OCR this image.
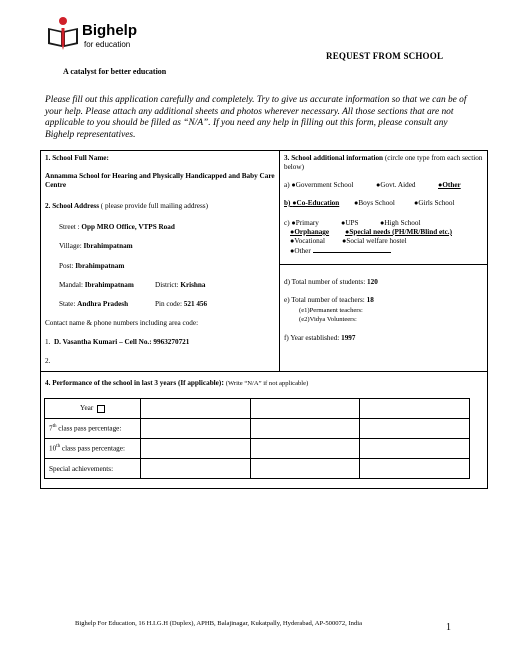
Bighelp
for education
A catalyst for better education
REQUEST FROM SCHOOL
Please fill out this application carefully and completely. Try to give us accurate information so that we can be of your help. Please attach any additional sheets and photos wherever necessary. All those sections that are not applicable to you should be filled as “N/A”. If you need any help in filling out this form, please consult any Bighelp representatives.
1. School Full Name:
Annamma School for Hearing and Physically Handicapped and Baby Care Centre
2. School Address ( please provide full mailing address)
Street : Opp MRO Office, VTPS Road
Village: Ibrahimpatnam
Post: Ibrahimpatnam
Mandal: Ibrahimpatnam	District: Krishna
State: Andhra Pradesh	Pin code: 521 456
Contact name & phone numbers including area code:
1. D. Vasantha Kumari – Cell No.: 9963270721
2.
3. School additional information (circle one type from each section below)
a) ●Government School	●Govt. Aided	●Other
b) ●Co-Education ●Boys School	●Girls School
c) ●Primary	●UPS	●High School
●Orphanage ●Special needs (PH/MR/Blind etc.)
●Vocational ●Social welfare hostel
●Other
d) Total number of students: 120
e) Total number of teachers: 18
(e1)Permanent teachers:
(e2)Vidya Volunteers:
f) Year established: 1997
4. Performance of the school in last 3 years (If applicable): (Write “N/A” if not applicable)
Year			
7th class pass percentage:			
10th class pass percentage:			
Special achievements:			
Bighelp For Education, 16 H.I.G.H (Duplex), APHB, Balajinagar, Kukatpally, Hyderabad, AP-500072, India	1
